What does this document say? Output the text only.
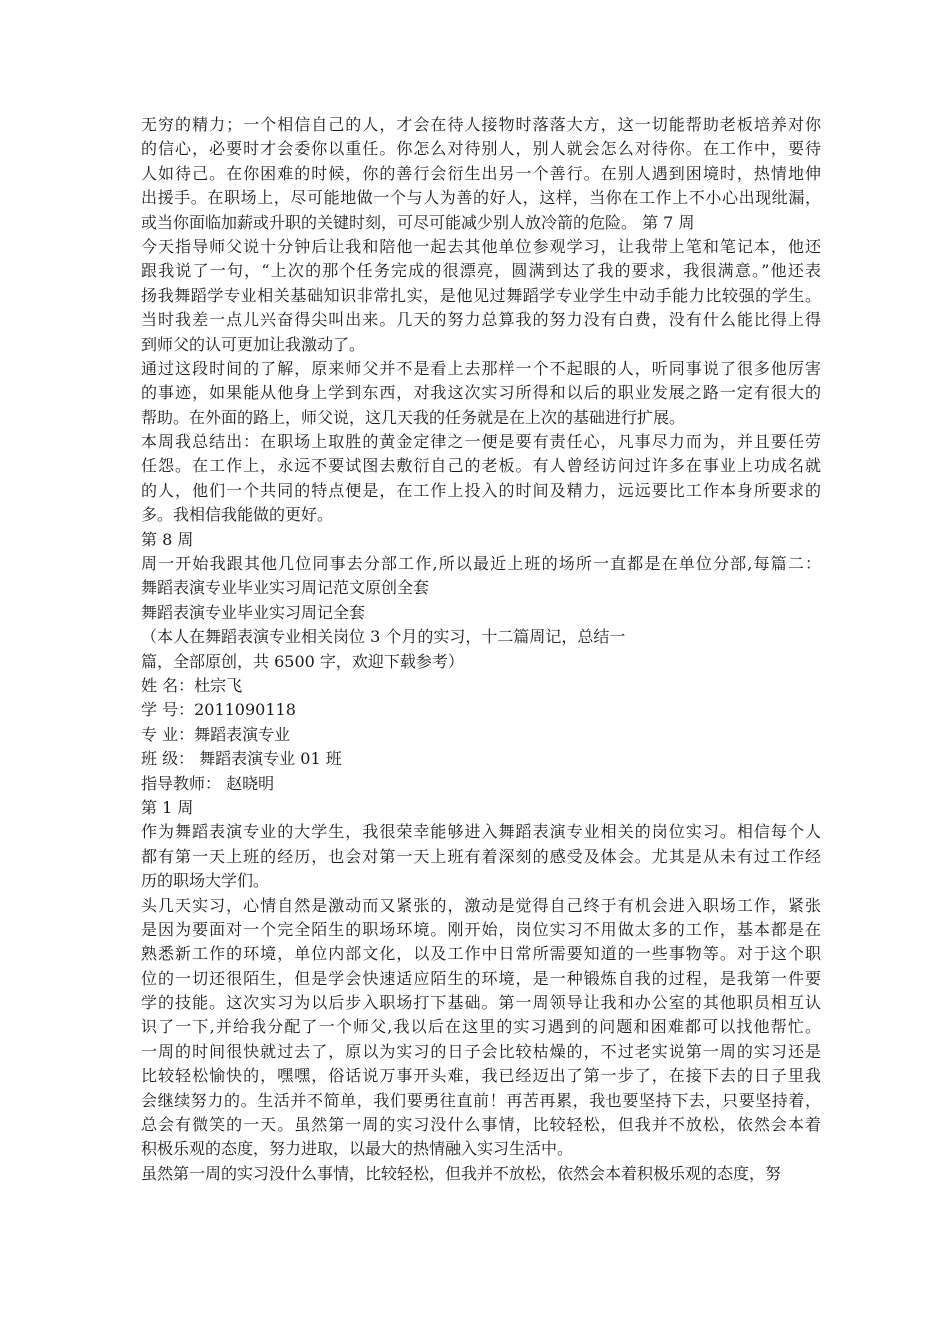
无穷的精力；一个相信自己的人，才会在待人接物时落落大方，这一切能帮助老板培养对你
的信心，必要时才会委你以重任。你怎么对待别人，别人就会怎么对待你。在工作中，要待
人如待己。在你困难的时候，你的善行会衍生出另一个善行。在别人遇到困境时，热情地伸
出援手。在职场上，尽可能地做一个与人为善的好人，这样，当你在工作上不小心出现纰漏，
或当你面临加薪或升职的关键时刻，可尽可能减少别人放冷箭的危险。 第 7 周
今天指导师父说十分钟后让我和陪他一起去其他单位参观学习，让我带上笔和笔记本，他还
跟我说了一句，“上次的那个任务完成的很漂亮，圆满到达了我的要求，我很满意。”他还表
扬我舞蹈学专业相关基础知识非常扎实，是他见过舞蹈学专业学生中动手能力比较强的学生。
当时我差一点儿兴奋得尖叫出来。几天的努力总算我的努力没有白费，没有什么能比得上得
到师父的认可更加让我激动了。
通过这段时间的了解，原来师父并不是看上去那样一个不起眼的人，听同事说了很多他厉害
的事迹，如果能从他身上学到东西，对我这次实习所得和以后的职业发展之路一定有很大的
帮助。在外面的路上，师父说，这几天我的任务就是在上次的基础进行扩展。
本周我总结出：在职场上取胜的黄金定律之一便是要有责任心，凡事尽力而为，并且要任劳
任怨。在工作上，永远不要试图去敷衍自己的老板。有人曾经访问过许多在事业上功成名就
的人，他们一个共同的特点便是，在工作上投入的时间及精力，远远要比工作本身所要求的
多。我相信我能做的更好。
第 8 周
周一开始我跟其他几位同事去分部工作,所以最近上班的场所一直都是在单位分部,每篇二：
舞蹈表演专业毕业实习周记范文原创全套
舞蹈表演专业毕业实习周记全套
（本人在舞蹈表演专业相关岗位 3 个月的实习，十二篇周记，总结一
篇，全部原创，共 6500 字，欢迎下载参考）
姓 名：杜宗飞
学 号：2011090118
专 业：舞蹈表演专业
班 级： 舞蹈表演专业 01 班
指导教师： 赵晓明
第 1 周
作为舞蹈表演专业的大学生，我很荣幸能够进入舞蹈表演专业相关的岗位实习。相信每个人
都有第一天上班的经历，也会对第一天上班有着深刻的感受及体会。尤其是从未有过工作经
历的职场大学们。
头几天实习，心情自然是激动而又紧张的，激动是觉得自己终于有机会进入职场工作，紧张
是因为要面对一个完全陌生的职场环境。刚开始，岗位实习不用做太多的工作，基本都是在
熟悉新工作的环境，单位内部文化，以及工作中日常所需要知道的一些事物等。对于这个职
位的一切还很陌生，但是学会快速适应陌生的环境，是一种锻炼自我的过程，是我第一件要
学的技能。这次实习为以后步入职场打下基础。第一周领导让我和办公室的其他职员相互认
识了一下,并给我分配了一个师父,我以后在这里的实习遇到的问题和困难都可以找他帮忙。
一周的时间很快就过去了，原以为实习的日子会比较枯燥的，不过老实说第一周的实习还是
比较轻松愉快的，嘿嘿，俗话说万事开头难，我已经迈出了第一步了，在接下去的日子里我
会继续努力的。生活并不简单，我们要勇往直前！再苦再累，我也要坚持下去，只要坚持着，
总会有微笑的一天。虽然第一周的实习没什么事情，比较轻松，但我并不放松，依然会本着
积极乐观的态度，努力进取，以最大的热情融入实习生活中。
虽然第一周的实习没什么事情，比较轻松，但我并不放松，依然会本着积极乐观的态度，努
